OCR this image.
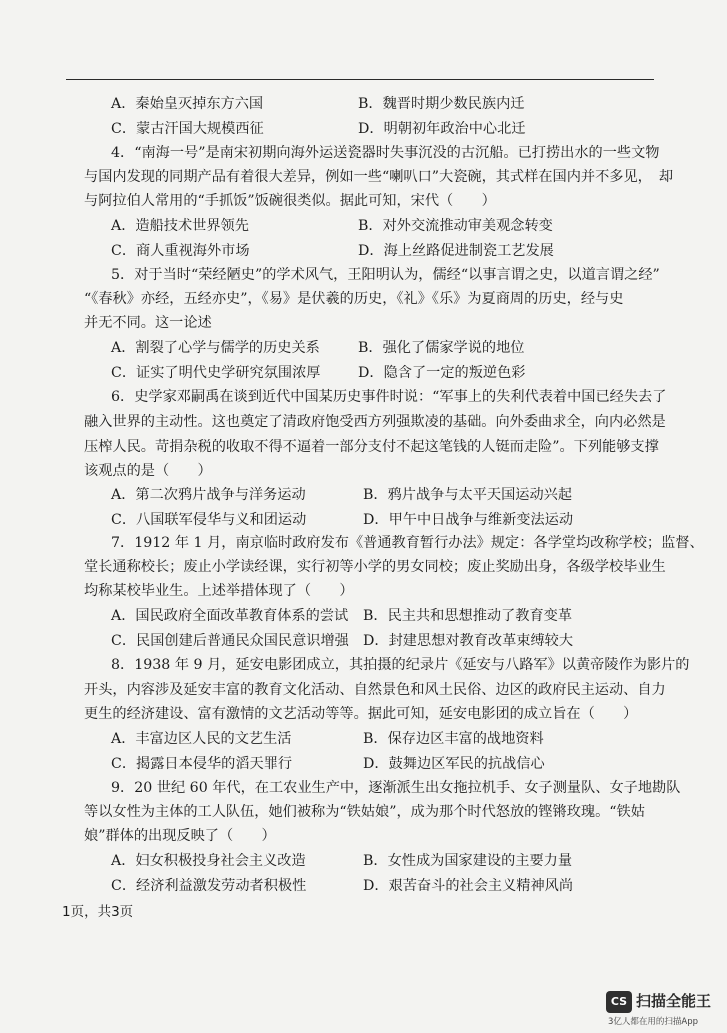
A．秦始皇灭掉东方六国	B．魏晋时期少数民族内迁
C．蒙古汗国大规模西征	D．明朝初年政治中心北迁
4．“南海一号”是南宋初期向海外运送瓷器时失事沉没的古沉船。已打捞出水的一些文物
与国内发现的同期产品有着很大差异，例如一些“喇叭口”大瓷碗，其式样在国内并不多见，　却
与阿拉伯人常用的“手抓饭”饭碗很类似。据此可知，宋代（　　）
A．造船技术世界领先	B．对外交流推动审美观念转变
C．商人重视海外市场	D．海上丝路促进制瓷工艺发展
5．对于当时“荣经陋史”的学术风气，王阳明认为，儒经“以事言谓之史，以道言谓之经”
“《春秋》亦经，五经亦史”，《易》是伏羲的历史，《礼》《乐》为夏商周的历史，经与史
并无不同。这一论述
A．割裂了心学与儒学的历史关系	B．强化了儒家学说的地位
C．证实了明代史学研究氛围浓厚	D．隐含了一定的叛逆色彩
6．史学家邓嗣禹在谈到近代中国某历史事件时说：“军事上的失利代表着中国已经失去了
融入世界的主动性。这也奠定了清政府饱受西方列强欺凌的基础。向外委曲求全，向内必然是
压榨人民。苛捐杂税的收取不得不逼着一部分支付不起这笔钱的人铤而走险”。下列能够支撑
该观点的是（　　）
A．第二次鸦片战争与洋务运动	B．鸦片战争与太平天国运动兴起
C．八国联军侵华与义和团运动	D．甲午中日战争与维新变法运动
7．1912 年 1 月，南京临时政府发布《普通教育暂行办法》规定：各学堂均改称学校；监督、
堂长通称校长；废止小学读经课，实行初等小学的男女同校；废止奖励出身，各级学校毕业生
均称某校毕业生。上述举措体现了（　　）
A．国民政府全面改革教育体系的尝试 B．民主共和思想推动了教育变革
C．民国创建后普通民众国民意识增强 D．封建思想对教育改革束缚较大
8．1938 年 9 月，延安电影团成立，其拍摄的纪录片《延安与八路军》以黄帝陵作为影片的
开头，内容涉及延安丰富的教育文化活动、自然景色和风土民俗、边区的政府民主运动、自力
更生的经济建设、富有激情的文艺活动等等。据此可知，延安电影团的成立旨在（　　）
A．丰富边区人民的文艺生活	B．保存边区丰富的战地资料
C．揭露日本侵华的滔天罪行	D．鼓舞边区军民的抗战信心
9．20 世纪 60 年代，在工农业生产中，逐渐派生出女拖拉机手、女子测量队、女子地勘队
等以女性为主体的工人队伍，她们被称为“铁姑娘”，成为那个时代怒放的铿锵玫瑰。“铁姑
娘”群体的出现反映了（　　）
A．妇女积极投身社会主义改造	B．女性成为国家建设的主要力量
C．经济利益激发劳动者积极性	D．艰苦奋斗的社会主义精神风尚
1页，共3页
CS 扫描全能王
3亿人都在用的扫描App
